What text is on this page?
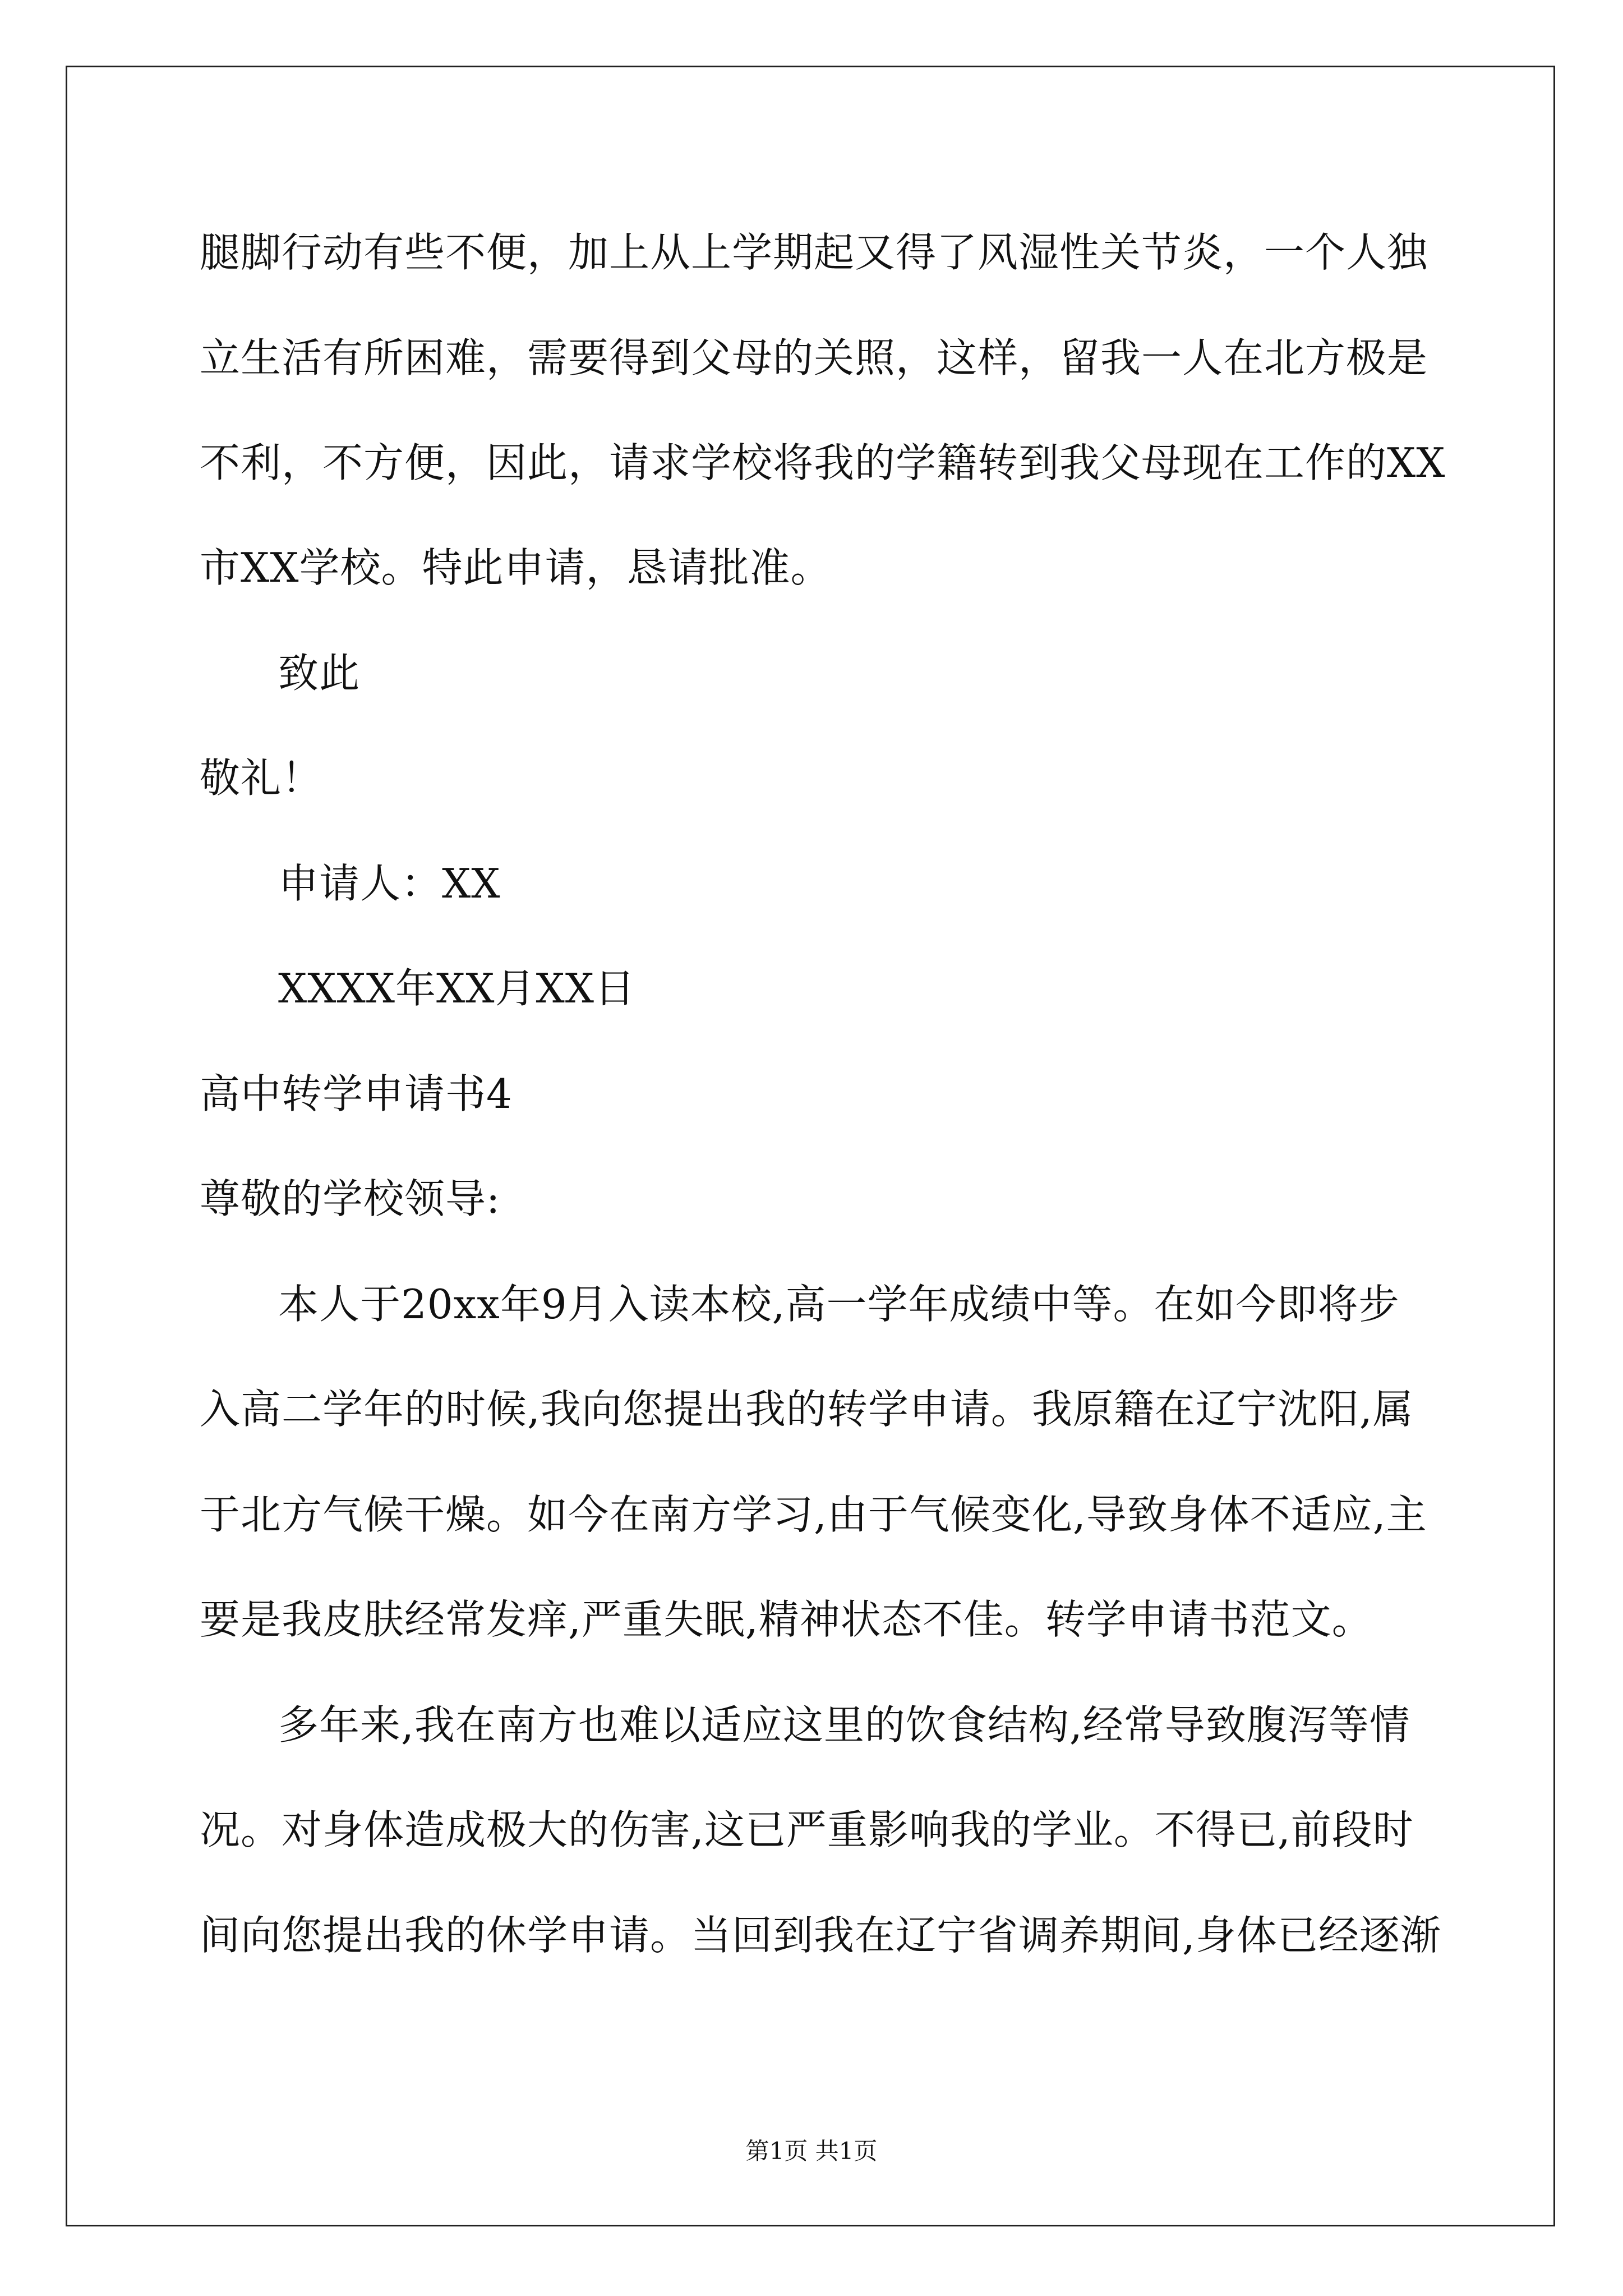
腿脚行动有些不便，加上从上学期起又得了风湿性关节炎，一个人独
立生活有所困难，需要得到父母的关照，这样，留我一人在北方极是
不利，不方便，因此，请求学校将我的学籍转到我父母现在工作的XX
市XX学校。特此申请，恳请批准。
致此
敬礼！
申请人：XX
XXXX年XX月XX日
高中转学申请书4
尊敬的学校领导:
本人于20xx年9月入读本校,高一学年成绩中等。在如今即将步
入高二学年的时候,我向您提出我的转学申请。我原籍在辽宁沈阳,属
于北方气候干燥。如今在南方学习,由于气候变化,导致身体不适应,主
要是我皮肤经常发痒,严重失眠,精神状态不佳。转学申请书范文。
多年来,我在南方也难以适应这里的饮食结构,经常导致腹泻等情
况。对身体造成极大的伤害,这已严重影响我的学业。不得已,前段时
间向您提出我的休学申请。当回到我在辽宁省调养期间,身体已经逐渐
第1页 共1页
